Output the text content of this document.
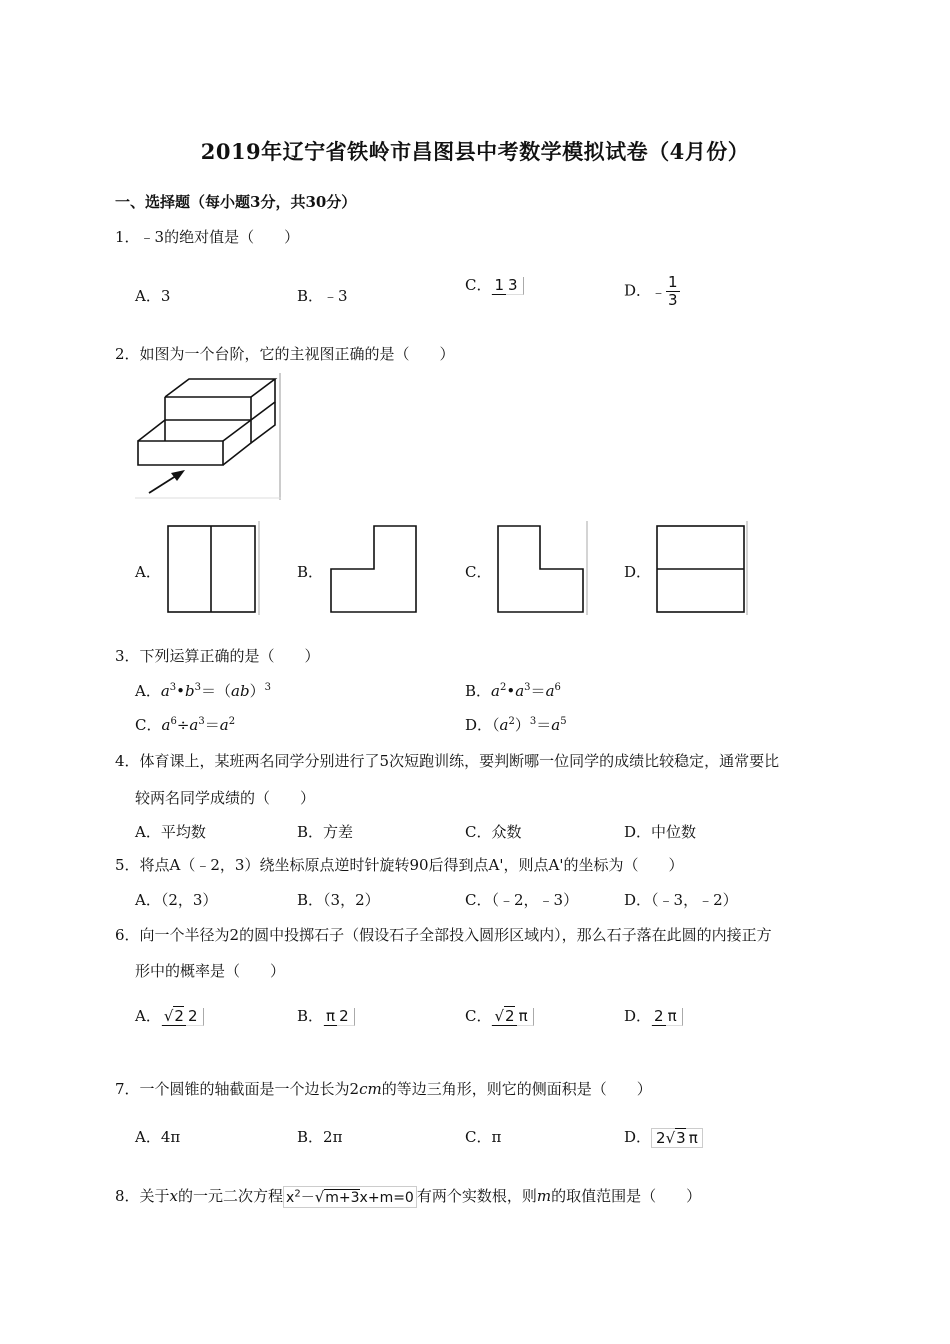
2019年辽宁省铁岭市昌图县中考数学模拟试卷（4月份）
一、选择题（每小题3分，共30分）
1．﹣3的绝对值是（　　）
A．3	B．﹣3
C． 1 3	D．﹣ $\frac{1}{3}$
2．如图为一个台阶，它的主视图正确的是（　　）
A．	B．	C．	D．
3．下列运算正确的是（　　）
A．$a^3•b^3=(ab)^3$	B．$a^2•a^3=a^6$
C．$a^6\div a^3=a^2$	D．$(a^2)^3=a^5$
4．体育课上，某班两名同学分别进行了5次短跑训练，要判断哪一位同学的成绩比较稳定，通常要比
较两名同学成绩的（　　）
A．平均数	B．方差	C．众数	D．中位数
5．将点A（﹣2，3）绕坐标原点逆时针旋转90后得到点A'，则点A'的坐标为（　　）
A．（2，3）	B．（3，2）	C．（﹣2，﹣3）	D．（﹣3，﹣2）
6．向一个半径为2的圆中投掷石子（假设石子全部投入圆形区域内），那么石子落在此圆的内接正方
形中的概率是（　　）
A． √2 2	B． π 2	C． √2 π	D． 2 π
7．一个圆锥的轴截面是一个边长为2cm的等边三角形，则它的侧面积是（　　）
A．4π	B．2π	C．π	D． 2√3 π
8．关于x的一元二次方程 $x^2-√m+3x+m=0$ 有两个实数根，则m的取值范围是（　　）
